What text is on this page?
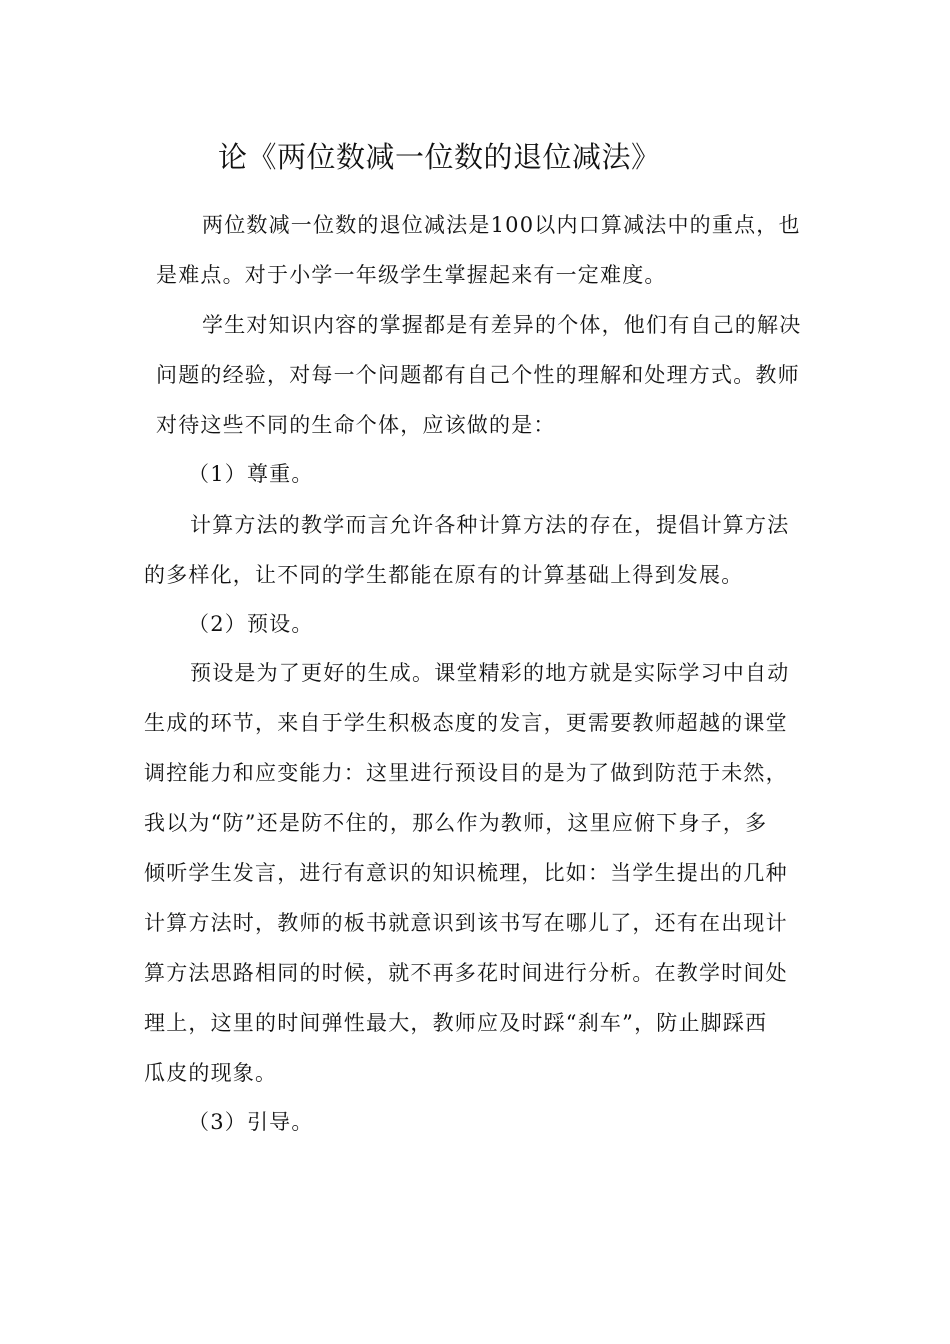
论《两位数减一位数的退位减法》
两位数减一位数的退位减法是100以内口算减法中的重点，也
是难点。对于小学一年级学生掌握起来有一定难度。
学生对知识内容的掌握都是有差异的个体，他们有自己的解决
问题的经验，对每一个问题都有自己个性的理解和处理方式。教师
对待这些不同的生命个体，应该做的是：
（1）尊重。
计算方法的教学而言允许各种计算方法的存在，提倡计算方法
的多样化，让不同的学生都能在原有的计算基础上得到发展。
（2）预设。
预设是为了更好的生成。课堂精彩的地方就是实际学习中自动
生成的环节，来自于学生积极态度的发言，更需要教师超越的课堂
调控能力和应变能力：这里进行预设目的是为了做到防范于未然，
我以为“防”还是防不住的，那么作为教师，这里应俯下身子，多
倾听学生发言，进行有意识的知识梳理，比如：当学生提出的几种
计算方法时，教师的板书就意识到该书写在哪儿了，还有在出现计
算方法思路相同的时候，就不再多花时间进行分析。在教学时间处
理上，这里的时间弹性最大，教师应及时踩“刹车”，防止脚踩西
瓜皮的现象。
（3）引导。
